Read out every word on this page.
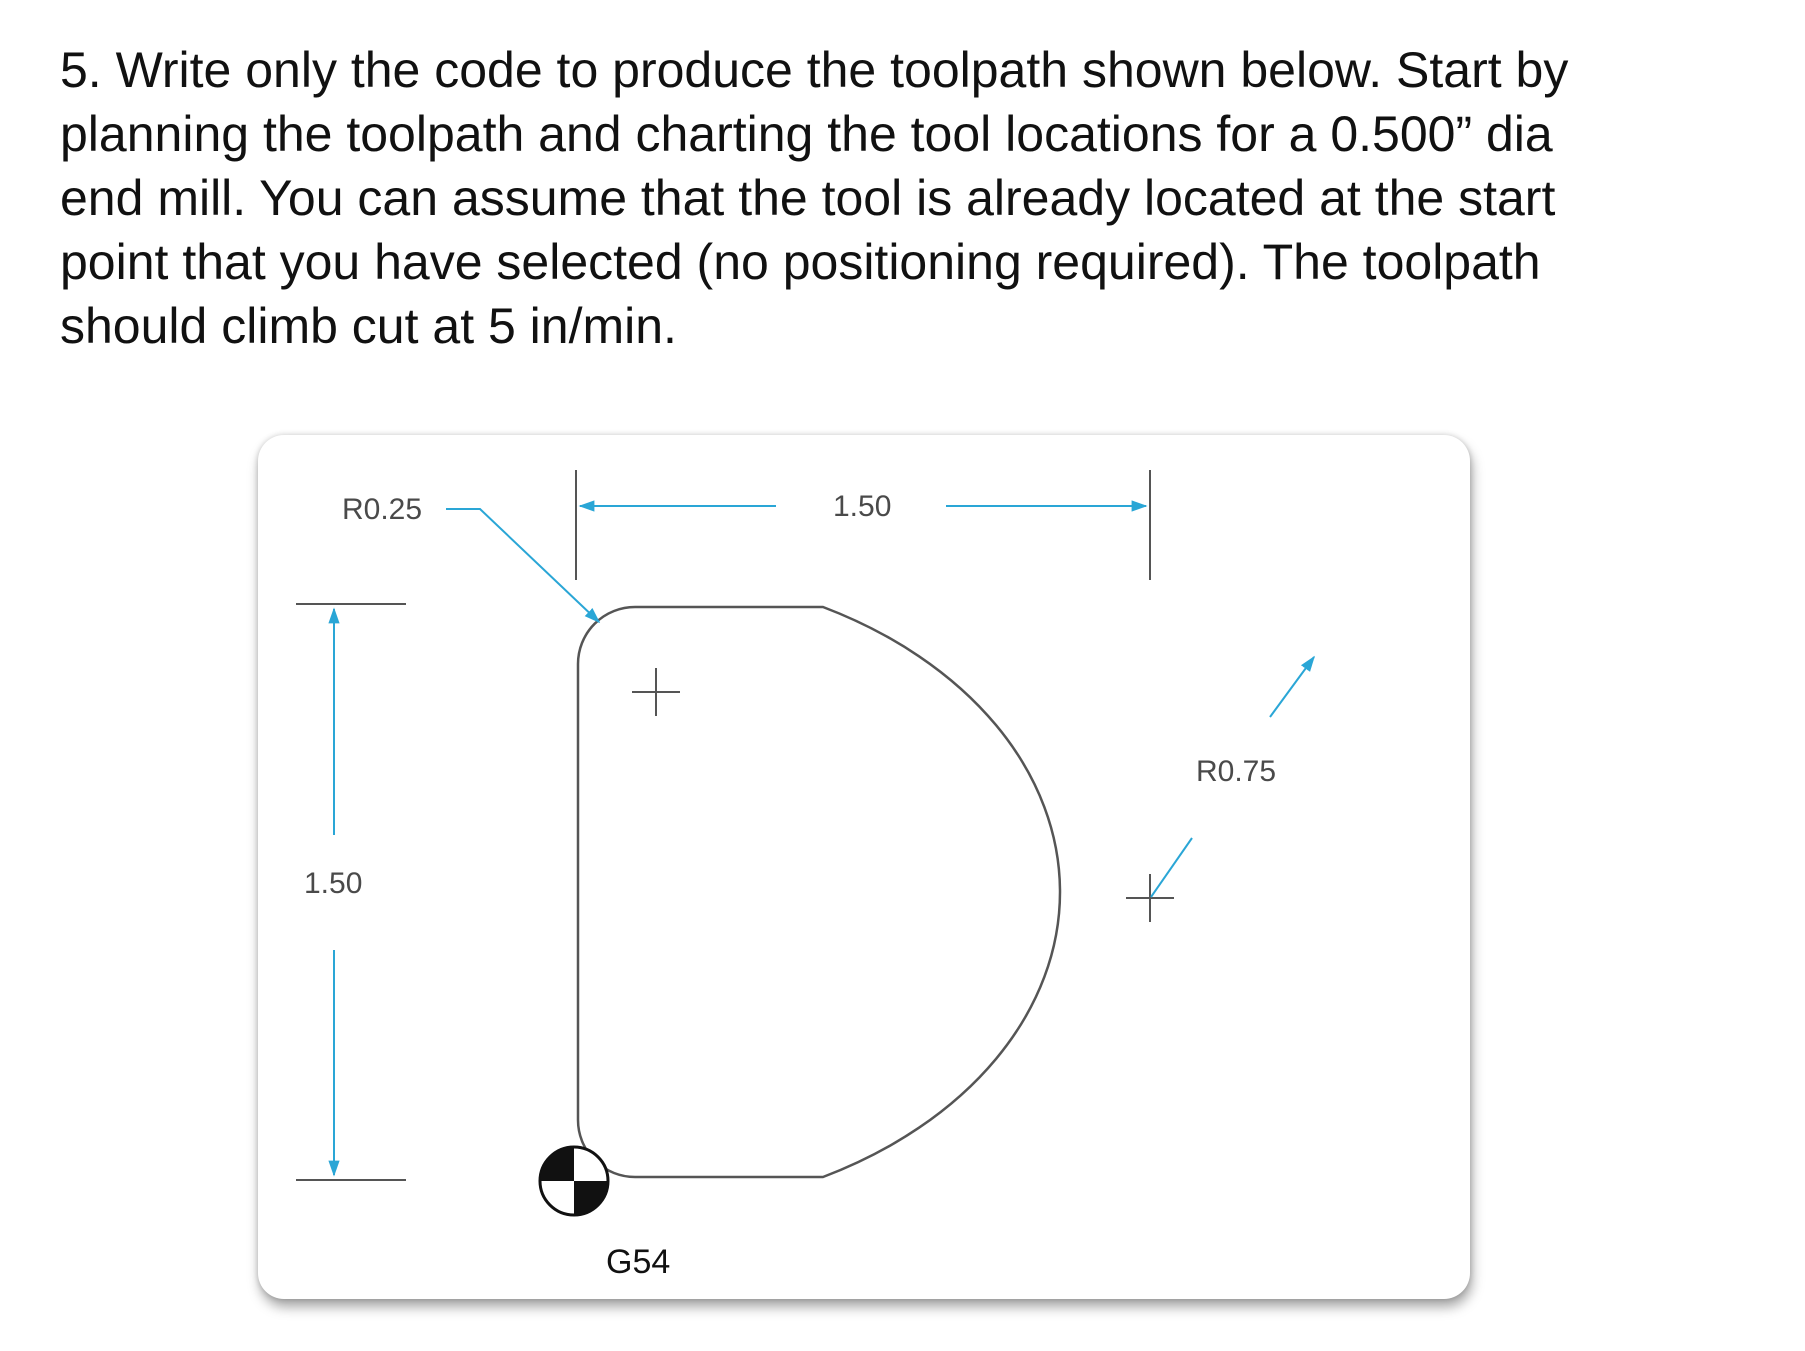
5. Write only the code to produce the toolpath shown below. Start by
planning the toolpath and charting the tool locations for a 0.500” dia
end mill. You can assume that the tool is already located at the start
point that you have selected (no positioning required). The toolpath
should climb cut at 5 in/min.
1.50
R0.25
1.50
R0.75
G54
